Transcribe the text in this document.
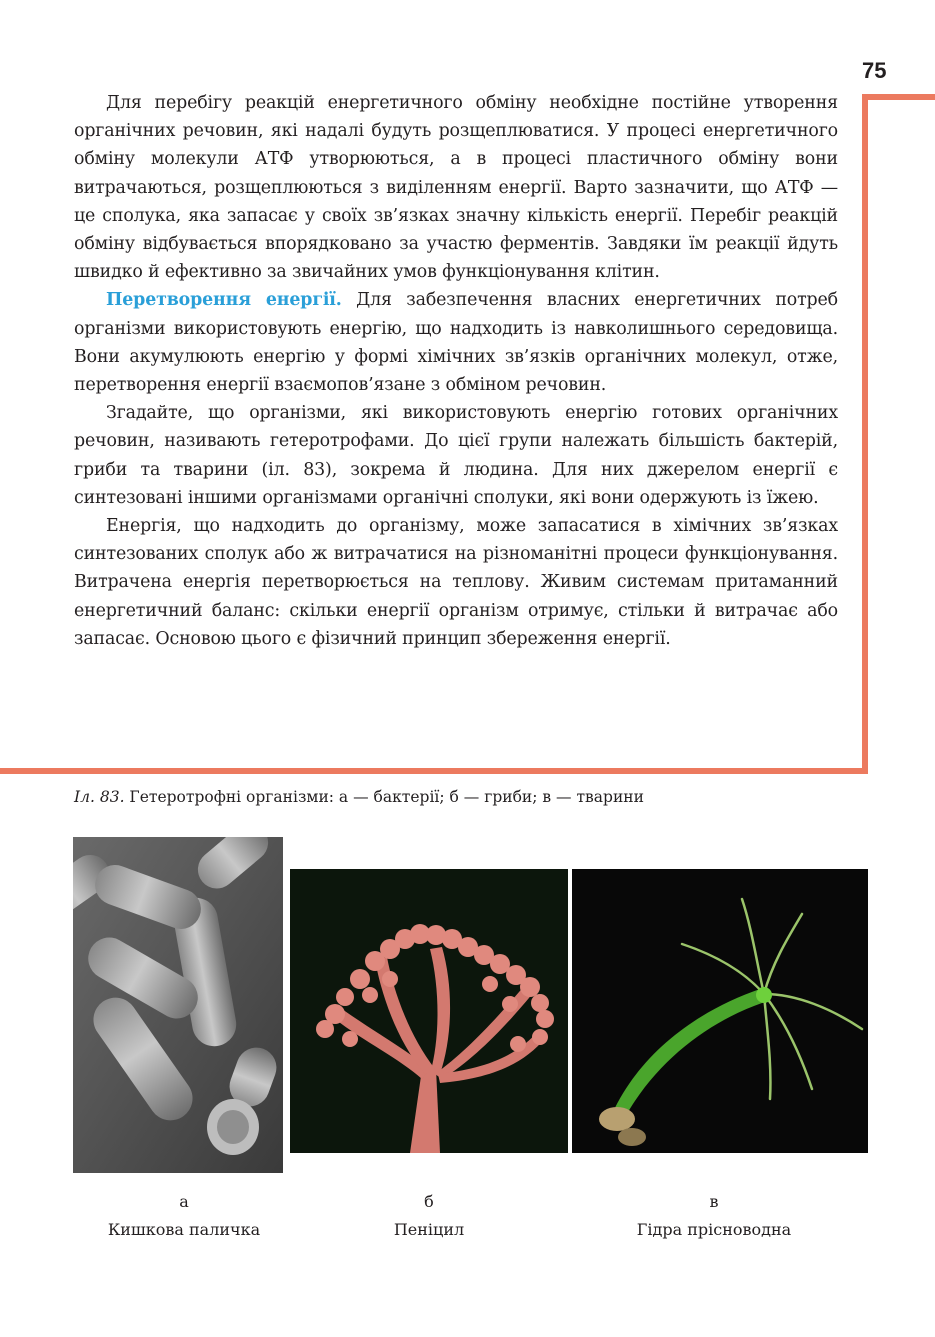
75

Для перебігу реакцій енергетичного обміну необхідне постійне утворення органічних речовин, які надалі будуть розщеплюватися. У процесі енергетичного обміну молекули АТФ утворюються, а в процесі пластичного обміну вони витрачаються, розщеплюються з виділенням енергії. Варто зазначити, що АТФ — це сполука, яка запасає у своїх зв’язках значну кількість енергії. Перебіг реакцій обміну відбувається впорядковано за участю ферментів. Завдяки їм реакції йдуть швидко й ефективно за звичайних умов функціонування клітин.

Перетворення енергії. Для забезпечення власних енергетичних потреб організми використовують енергію, що надходить із навколишнього середовища. Вони акумулюють енергію у формі хімічних зв’язків органічних молекул, отже, перетворення енергії взаємопов’язане з обміном речовин.

Згадайте, що організми, які використовують енергію готових органічних речовин, називають гетеротрофами. До цієї групи належать більшість бактерій, гриби та тварини (іл. 83), зокрема й людина. Для них джерелом енергії є синтезовані іншими організмами органічні сполуки, які вони одержують із їжею.

Енергія, що надходить до організму, може запасатися в хімічних зв’язках синтезованих сполук або ж витрачатися на різноманітні процеси функціонування. Витрачена енергія перетворюється на теплову. Живим системам притаманний енергетичний баланс: скільки енергії організм отримує, стільки й витрачає або запасає. Основою цього є фізичний принцип збереження енергії.

Іл. 83. Гетеротрофні організми: а — бактерії; б — гриби; в — тварини
а	б	в
Кишкова паличка	Пеніцил	Гідра прісноводна
